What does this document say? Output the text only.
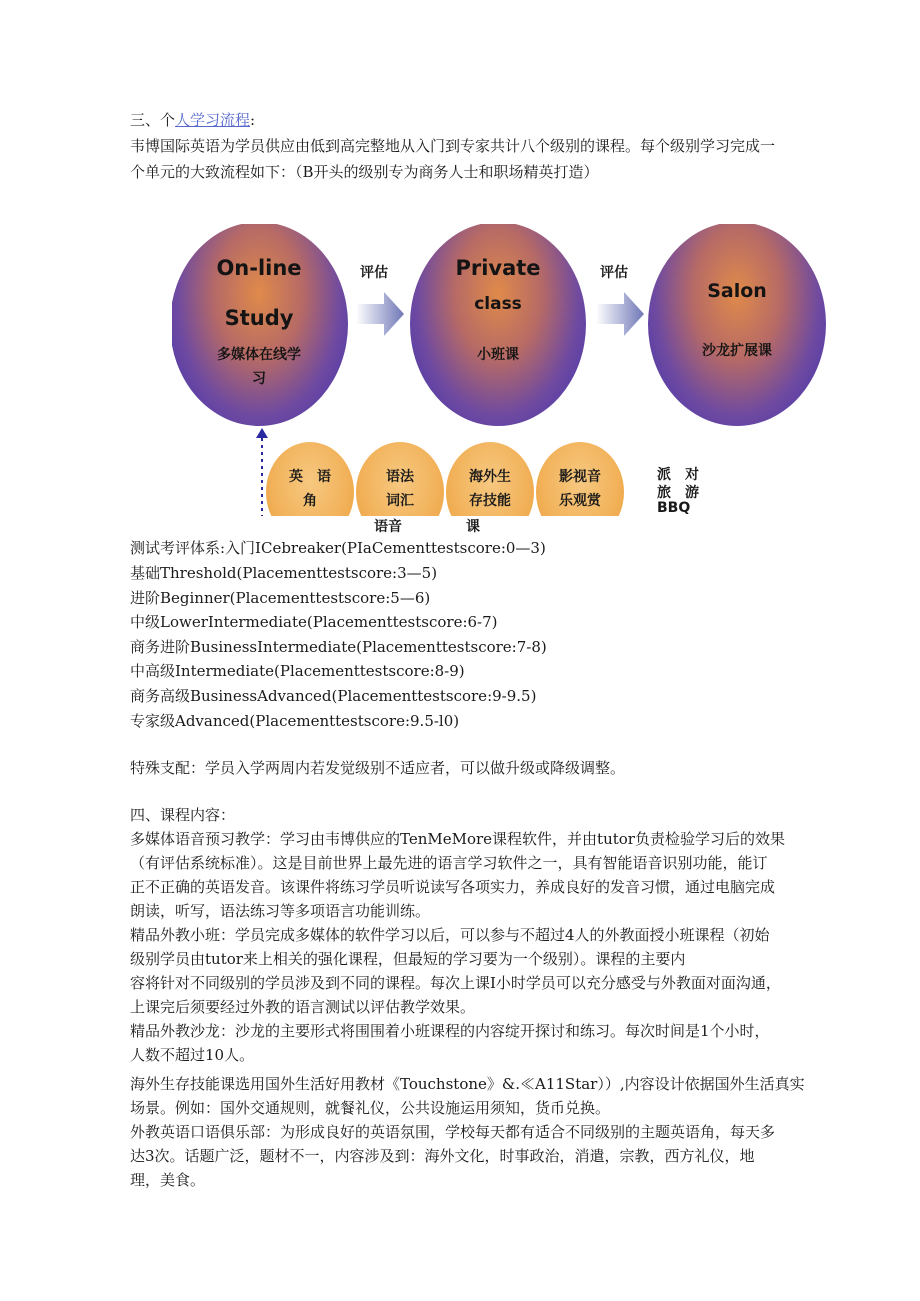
三、个人学习流程:
韦博国际英语为学员供应由低到高完整地从入门到专家共计八个级别的课程。每个级别学习完成一
个单元的大致流程如下：（B开头的级别专为商务人士和职场精英打造）
On-line
Study
多媒体在线学
习
评估	Private
class
小班课
评估
Salon
沙龙扩展课
英　语
角
语法
词汇
海外生
存技能
影视音
乐观赏
派　对
旅　游
BBQ
语音	课
测试考评体系:入门ICebreaker(PIaCementtestscore:0—3)
基础Threshold(Placementtestscore:3—5)
进阶Beginner(Placementtestscore:5—6)
中级LowerIntermediate(Placementtestscore:6-7)
商务进阶BusinessIntermediate(Placementtestscore:7-8)
中高级Intermediate(Placementtestscore:8-9)
商务高级BusinessAdvanced(Placementtestscore:9-9.5)
专家级Advanced(Placementtestscore:9.5-l0)
特殊支配：学员入学两周内若发觉级别不适应者，可以做升级或降级调整。
四、课程内容：
多媒体语音预习教学：学习由韦博供应的TenMeMore课程软件，并由tutor负责检验学习后的效果
（有评估系统标准）。这是目前世界上最先进的语言学习软件之一，具有智能语音识别功能，能订
正不正确的英语发音。该课件将练习学员听说读写各项实力，养成良好的发音习惯，通过电脑完成
朗读，听写，语法练习等多项语言功能训练。
精品外教小班：学员完成多媒体的软件学习以后，可以参与不超过4人的外教面授小班课程（初始
级别学员由tutor来上相关的强化课程，但最短的学习要为一个级别）。课程的主要内
容将针对不同级别的学员涉及到不同的课程。每次上课I小时学员可以充分感受与外教面对面沟通，
上课完后须要经过外教的语言测试以评估教学效果。
精品外教沙龙：沙龙的主要形式将围围着小班课程的内容绽开探讨和练习。每次时间是1个小时，
人数不超过10人。
海外生存技能课选用国外生活好用教材《Touchstone》&.≪A11Star））,内容设计依据国外生活真实
场景。例如：国外交通规则，就餐礼仪，公共设施运用须知，货币兑换。
外教英语口语俱乐部：为形成良好的英语氛围，学校每天都有适合不同级别的主题英语角，每天多
达3次。话题广泛，题材不一，内容涉及到：海外文化，时事政治，消遣，宗教，西方礼仪，地
理，美食。
